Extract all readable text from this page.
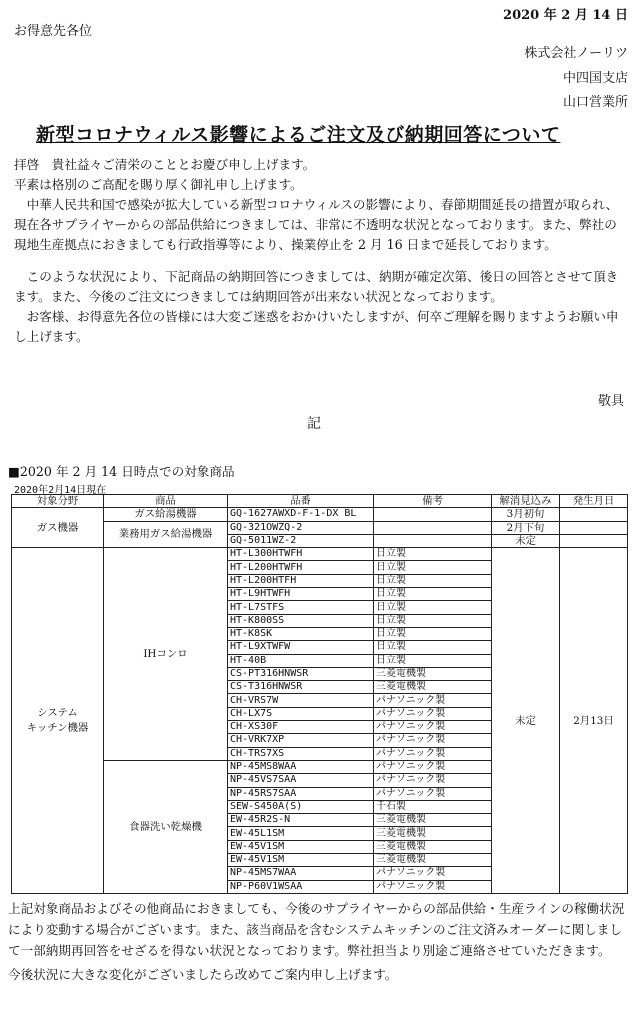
2020 年 2 月 14 日
お得意先各位
株式会社ノーリツ
中四国支店
山口営業所
新型コロナウィルス影響によるご注文及び納期回答について

拝啓　貴社益々ご清栄のこととお慶び申し上げます。

平素は格別のご高配を賜り厚く御礼申し上げます。

中華人民共和国で感染が拡大している新型コロナウィルスの影響により、春節期間延長の措置が取られ、現在各サプライヤーからの部品供給につきましては、非常に不透明な状況となっております。また、弊社の現地生産拠点におきましても行政指導等により、操業停止を 2 月 16 日まで延長しております。

このような状況により、下記商品の納期回答につきましては、納期が確定次第、後日の回答とさせて頂きます。また、今後のご注文につきましては納期回答が出来ない状況となっております。

お客様、お得意先各位の皆様には大変ご迷惑をおかけいたしますが、何卒ご理解を賜りますようお願い申し上げます。

敬具
記
■2020 年 2 月 14 日時点での対象商品
2020年2月14日現在
対象分野	商品	品番	備考	解消見込み	発生月日
ガス機器	ガス給湯機器	GQ-1627AWXD-F-1-DX BL		3月初旬	
	業務用ガス給湯機器	GQ-321OWZQ-2		2月下旬	
		GQ-5011WZ-2		未定	

システム
キッチン機器	IHコンロ	HT-L300HTWFH	日立製	未定	2月13日
		HT-L200HTWFH	日立製		
		HT-L200HTFH	日立製		
		HT-L9HTWFH	日立製		
		HT-L7STFS	日立製		
		HT-K800SS	日立製		
		HT-K8SK	日立製		
		HT-L9XTWFW	日立製		
		HT-40B	日立製		
		CS-PT316HNWSR	三菱電機製		
		CS-T316HNWSR	三菱電機製		
		CH-VRS7W	パナソニック製		
		CH-LX7S	パナソニック製		
		CH-XS30F	パナソニック製		
		CH-VRK7XP	パナソニック製		
		CH-TRS7XS	パナソニック製		
	食器洗い乾燥機	NP-45MS8WAA	パナソニック製		
		NP-45VS7SAA	パナソニック製		
		NP-45RS7SAA	パナソニック製		
		SEW-S450A(S)	千石製		
		EW-45R2S-N	三菱電機製		
		EW-45L1SM	三菱電機製		
		EW-45V1SM	三菱電機製		
		EW-45V1SM	三菱電機製		
		NP-45MS7WAA	パナソニック製		
		NP-P60V1WSAA	パナソニック製		

上記対象商品およびその他商品におきましても、今後のサプライヤーからの部品供給・生産ラインの稼働状況により変動する場合がございます。また、該当商品を含むシステムキッチンのご注文済みオーダーに関しまして一部納期再回答をせざるを得ない状況となっております。弊社担当より別途ご連絡させていただきます。

今後状況に大きな変化がございましたら改めてご案内申し上げます。
